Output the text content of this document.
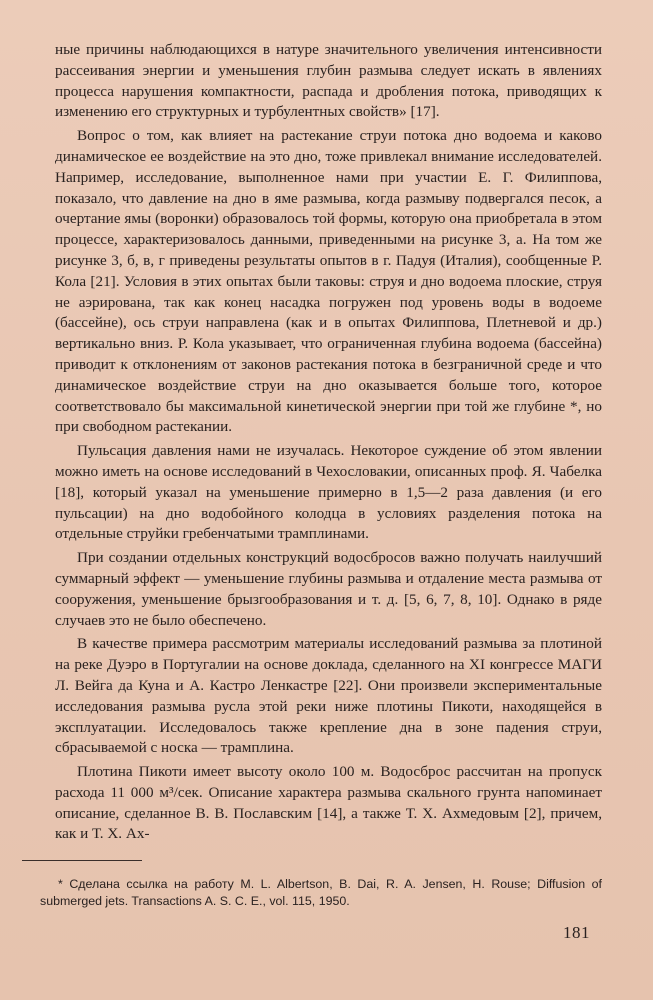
ные причины наблюдающихся в натуре значительного увеличения интенсивности рассеивания энергии и уменьшения глубин размыва следует искать в явлениях процесса нарушения компактности, распада и дробления потока, приводящих к изменению его структурных и турбулентных свойств» [17].

Вопрос о том, как влияет на растекание струи потока дно водоема и каково динамическое ее воздействие на это дно, тоже привлекал внимание исследователей. Например, исследование, выполненное нами при участии Е. Г. Филиппова, показало, что давление на дно в яме размыва, когда размыву подвергался песок, а очертание ямы (воронки) образовалось той формы, которую она приобретала в этом процессе, характеризовалось данными, приведенными на рисунке 3, а. На том же рисунке 3, б, в, г приведены результаты опытов в г. Падуя (Италия), сообщенные Р. Кола [21]. Условия в этих опытах были таковы: струя и дно водоема плоские, струя не аэрирована, так как конец насадка погружен под уровень воды в водоеме (бассейне), ось струи направлена (как и в опытах Филиппова, Плетневой и др.) вертикально вниз. Р. Кола указывает, что ограниченная глубина водоема (бассейна) приводит к отклонениям от законов растекания потока в безграничной среде и что динамическое воздействие струи на дно оказывается больше того, которое соответствовало бы максимальной кинетической энергии при той же глубине *, но при свободном растекании.

Пульсация давления нами не изучалась. Некоторое суждение об этом явлении можно иметь на основе исследований в Чехословакии, описанных проф. Я. Чабелка [18], который указал на уменьшение примерно в 1,5—2 раза давления (и его пульсации) на дно водобойного колодца в условиях разделения потока на отдельные струйки гребенчатыми трамплинами.

При создании отдельных конструкций водосбросов важно получать наилучший суммарный эффект — уменьшение глубины размыва и отдаление места размыва от сооружения, уменьшение брызгообразования и т. д. [5, 6, 7, 8, 10]. Однако в ряде случаев это не было обеспечено.

В качестве примера рассмотрим материалы исследований размыва за плотиной на реке Дуэро в Португалии на основе доклада, сделанного на XI конгрессе МАГИ Л. Вейга да Куна и А. Кастро Ленкастре [22]. Они произвели экспериментальные исследования размыва русла этой реки ниже плотины Пикоти, находящейся в эксплуатации. Исследовалось также крепление дна в зоне падения струи, сбрасываемой с носка — трамплина.

Плотина Пикоти имеет высоту около 100 м. Водосброс рассчитан на пропуск расхода 11 000 м³/сек. Описание характера размыва скального грунта напоминает описание, сделанное В. В. Пославским [14], а также Т. Х. Ахмедовым [2], причем, как и Т. Х. Ах-

* Сделана ссылка на работу M. L. Albertson, B. Dai, R. A. Jensen, H. Rouse; Diffusion of submerged jets. Transactions A. S. C. E., vol. 115, 1950.

181
